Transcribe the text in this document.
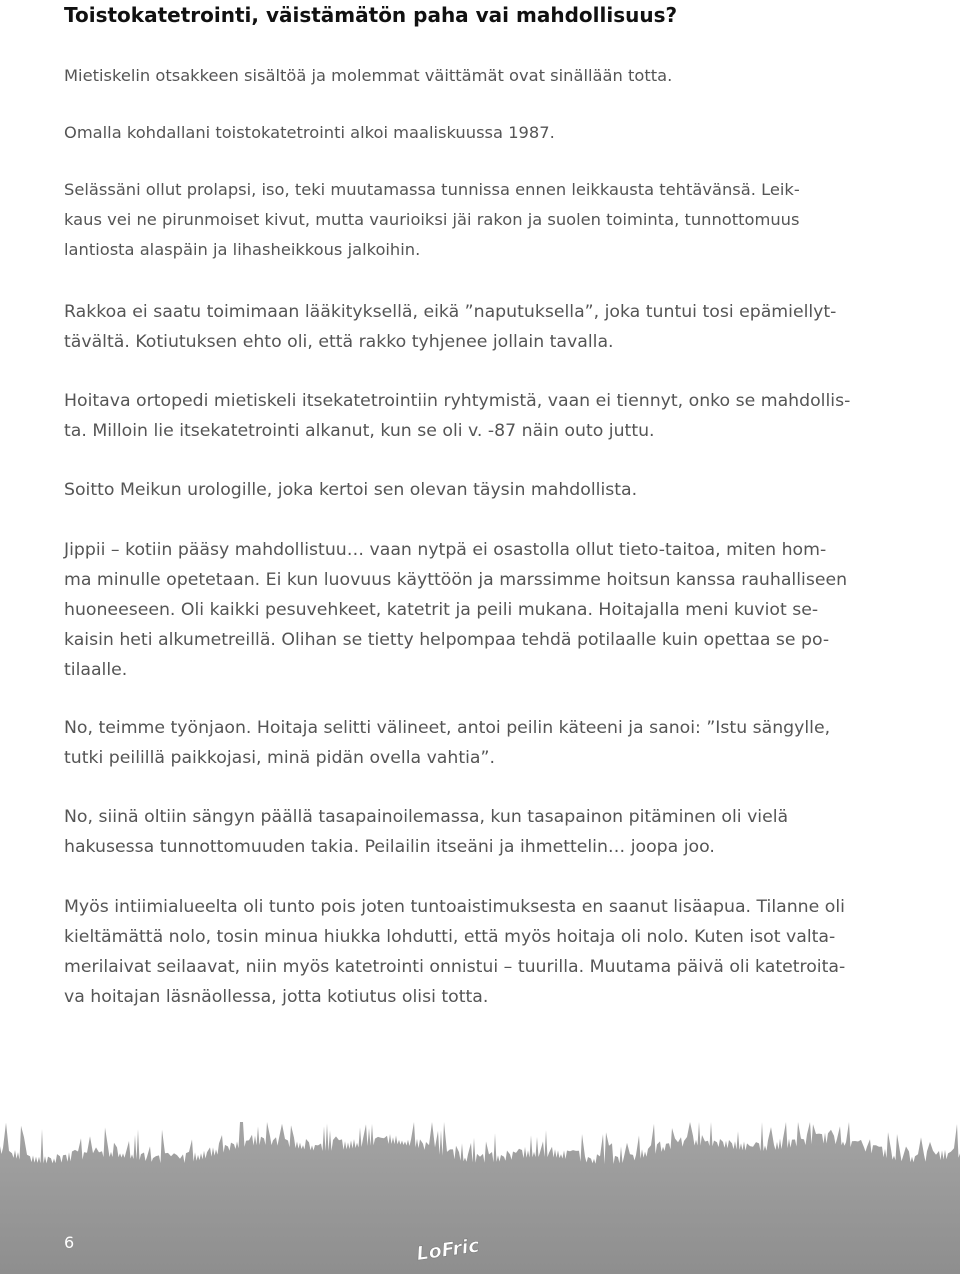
Toistokatetrointi, väistämätön paha vai mahdollisuus?

Mietiskelin otsakkeen sisältöä ja molemmat väittämät ovat sinällään totta.

Omalla kohdallani toistokatetrointi alkoi maaliskuussa 1987.

Selässäni ollut prolapsi, iso, teki muutamassa tunnissa ennen leikkausta tehtävänsä. Leik-
kaus vei ne pirunmoiset kivut, mutta vaurioiksi jäi rakon ja suolen toiminta, tunnottomuus
lantiosta alaspäin ja lihasheikkous jalkoihin.

Rakkoa ei saatu toimimaan lääkityksellä, eikä ”naputuksella”, joka tuntui tosi epämiellyt-
tävältä. Kotiutuksen ehto oli, että rakko tyhjenee jollain tavalla.

Hoitava ortopedi mietiskeli itsekatetrointiin ryhtymistä, vaan ei tiennyt, onko se mahdollis-
ta. Milloin lie itsekatetrointi alkanut, kun se oli v. -87 näin outo juttu.

Soitto Meikun urologille, joka kertoi sen olevan täysin mahdollista.

Jippii – kotiin pääsy mahdollistuu… vaan nytpä ei osastolla ollut tieto-taitoa, miten hom-
ma minulle opetetaan. Ei kun luovuus käyttöön ja marssimme hoitsun kanssa rauhalliseen
huoneeseen. Oli kaikki pesuvehkeet, katetrit ja peili mukana. Hoitajalla meni kuviot se-
kaisin heti alkumetreillä. Olihan se tietty helpompaa tehdä potilaalle kuin opettaa se po-
tilaalle.

No, teimme työnjaon. Hoitaja selitti välineet, antoi peilin käteeni ja sanoi: ”Istu sängylle,
tutki peilillä paikkojasi, minä pidän ovella vahtia”.

No, siinä oltiin sängyn päällä tasapainoilemassa, kun tasapainon pitäminen oli vielä
hakusessa tunnottomuuden takia. Peilailin itseäni ja ihmettelin… joopa joo.

Myös intiimialueelta oli tunto pois joten tuntoaistimuksesta en saanut lisäapua. Tilanne oli
kieltämättä nolo, tosin minua hiukka lohdutti, että myös hoitaja oli nolo. Kuten isot valta-
merilaivat seilaavat, niin myös katetrointi onnistui – tuurilla. Muutama päivä oli katetroita-
va hoitajan läsnäollessa, jotta kotiutus olisi totta.

6	LoFric
